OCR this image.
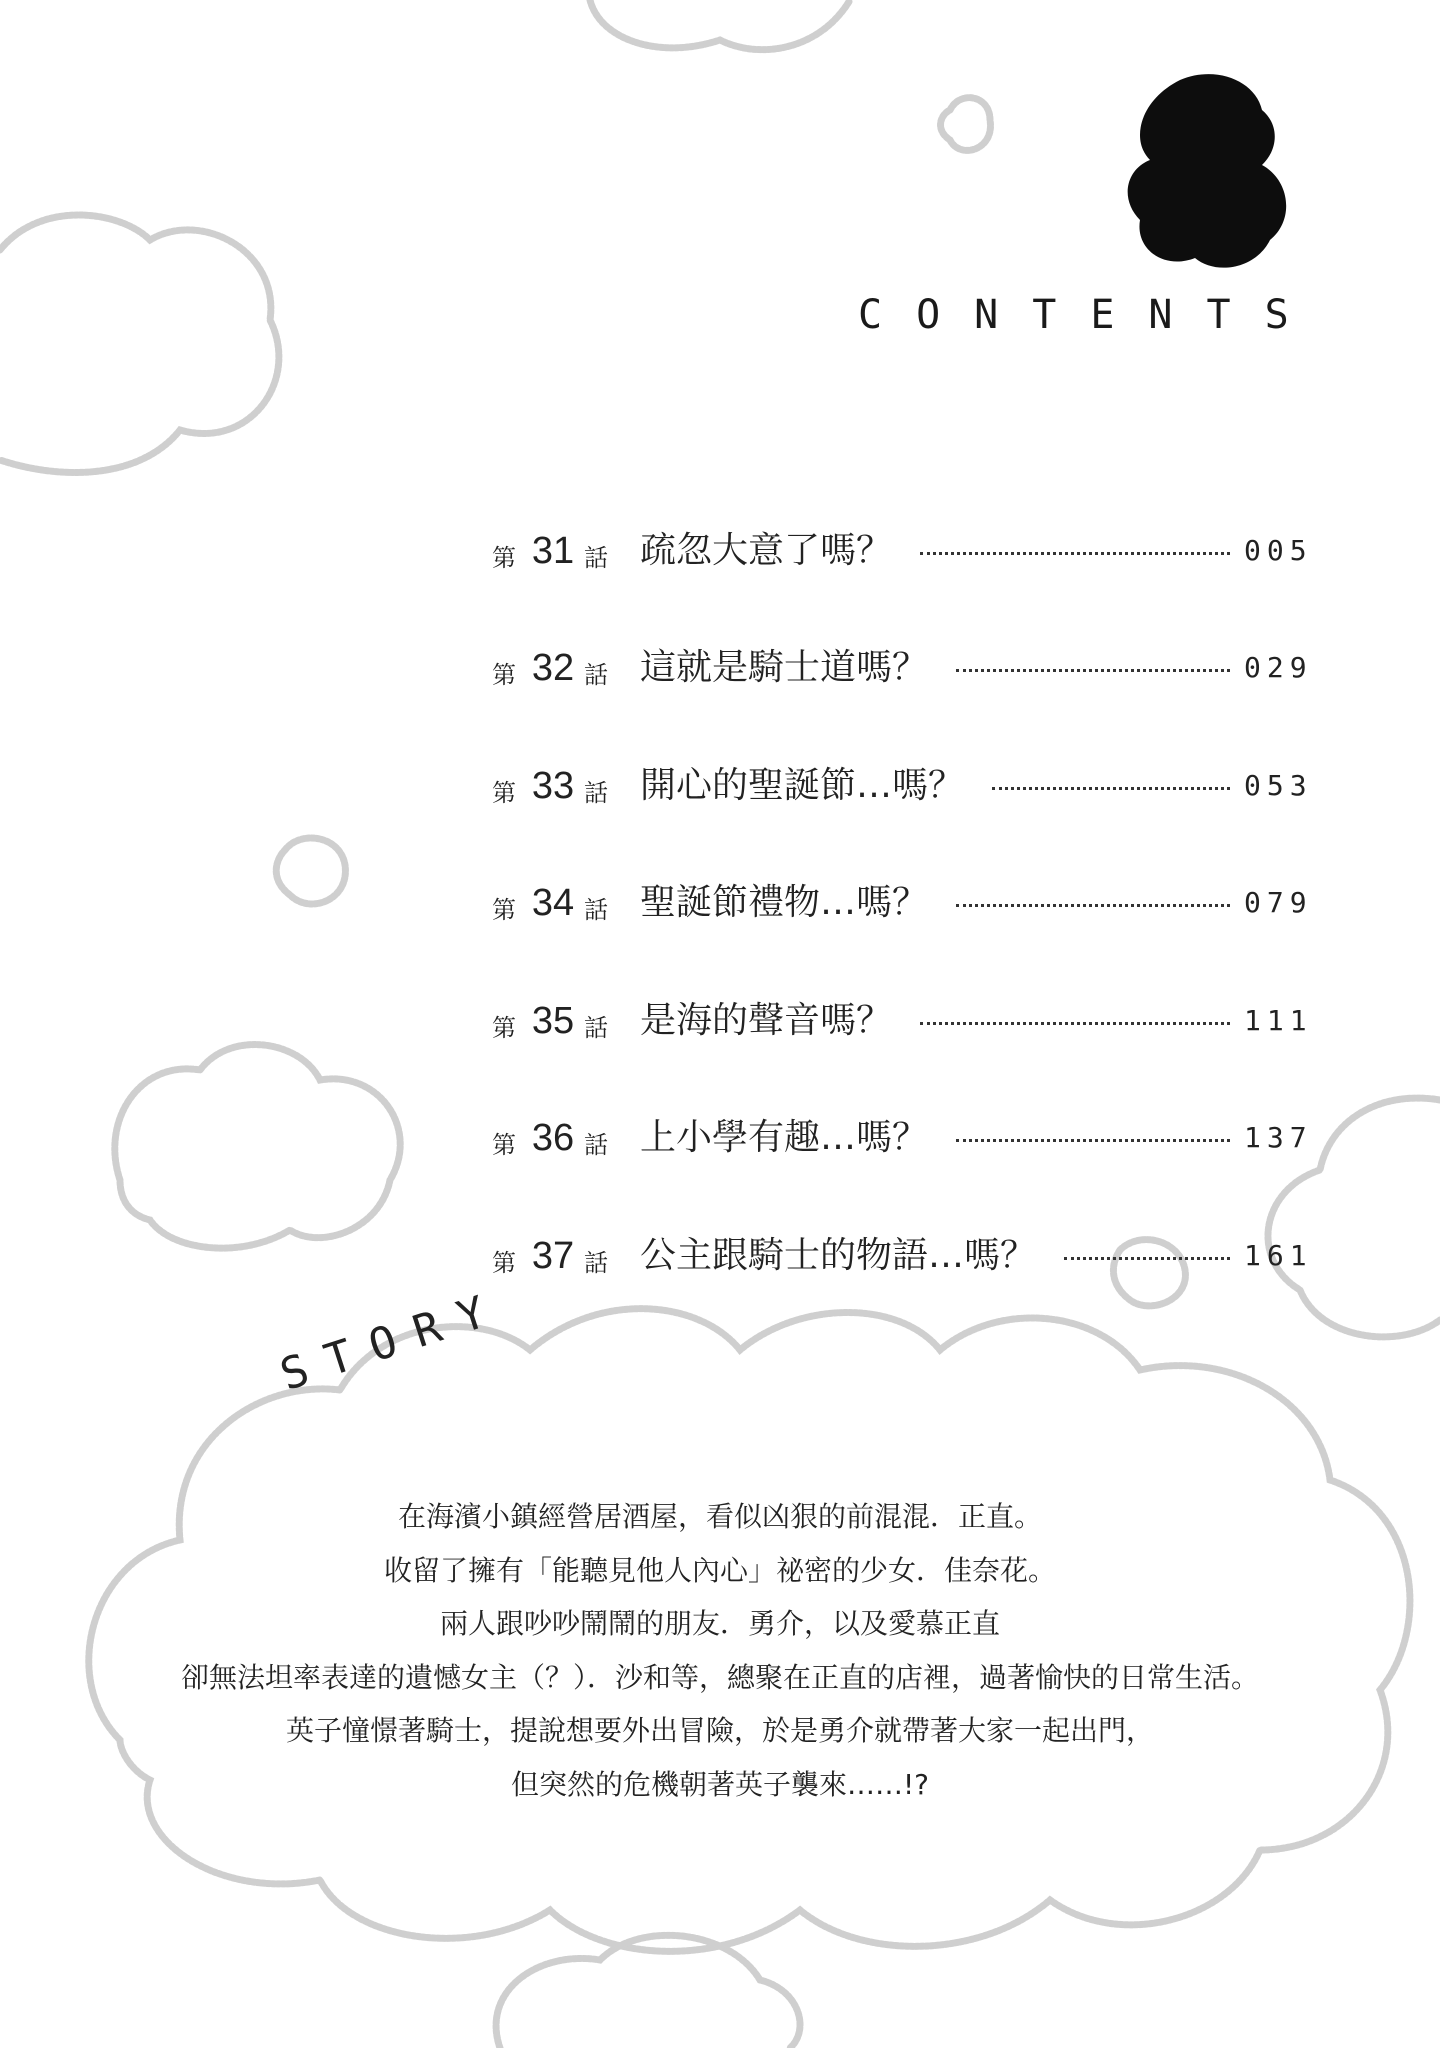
CONTENTS
第 31 話 疏忽大意了嗎？	005
第 32 話 這就是騎士道嗎？	029
第 33 話 開心的聖誕節…嗎？	053
第 34 話 聖誕節禮物…嗎？	079
第 35 話 是海的聲音嗎？	111
第 36 話 上小學有趣…嗎？	137
第 37 話 公主跟騎士的物語…嗎？	161
STORY
在海濱小鎮經營居酒屋，看似凶狠的前混混．正直。
收留了擁有「能聽見他人內心」祕密的少女．佳奈花。
兩人跟吵吵鬧鬧的朋友．勇介，以及愛慕正直
卻無法坦率表達的遺憾女主（？）．沙和等，總聚在正直的店裡，過著愉快的日常生活。
英子憧憬著騎士，提說想要外出冒險，於是勇介就帶著大家一起出門，
但突然的危機朝著英子襲來……!?
